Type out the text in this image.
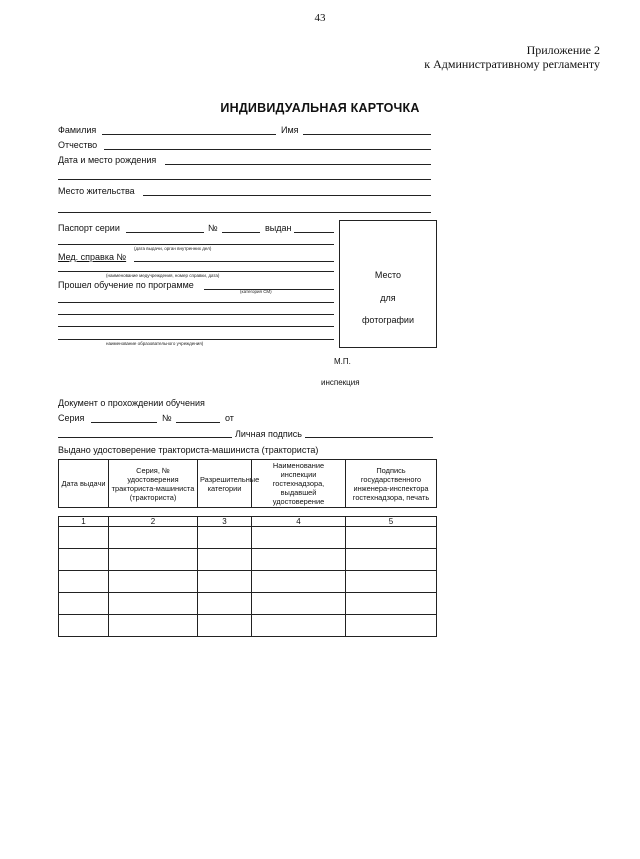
43
Приложение 2
к Административному регламенту
ИНДИВИДУАЛЬНАЯ КАРТОЧКА
Фамилия	Имя
Отчество
Дата и место рождения
Место жительства
Паспорт серии	№	выдан
(дата выдачи, орган внутренних дел)
Мед. справка №
(наименование медучреждения, номер справки, дата)
Прошел обучение по программе
(категория СМ)
наименование образовательного учреждения)
Место
для
фотографии
М.П.
инспекция
Документ о прохождении обучения
Серия	№	от
Личная подпись
Выдано удостоверение тракториста-машиниста (тракториста)
Дата выдачи	Серия, № удостоверения тракториста-машиниста (тракториста)	Разрешительные категории	Наименование инспекции гостехнадзора, выдавшей удостоверение	Подпись государственного инженера-инспектора гостехнадзора, печать
1	2	3	4	5
